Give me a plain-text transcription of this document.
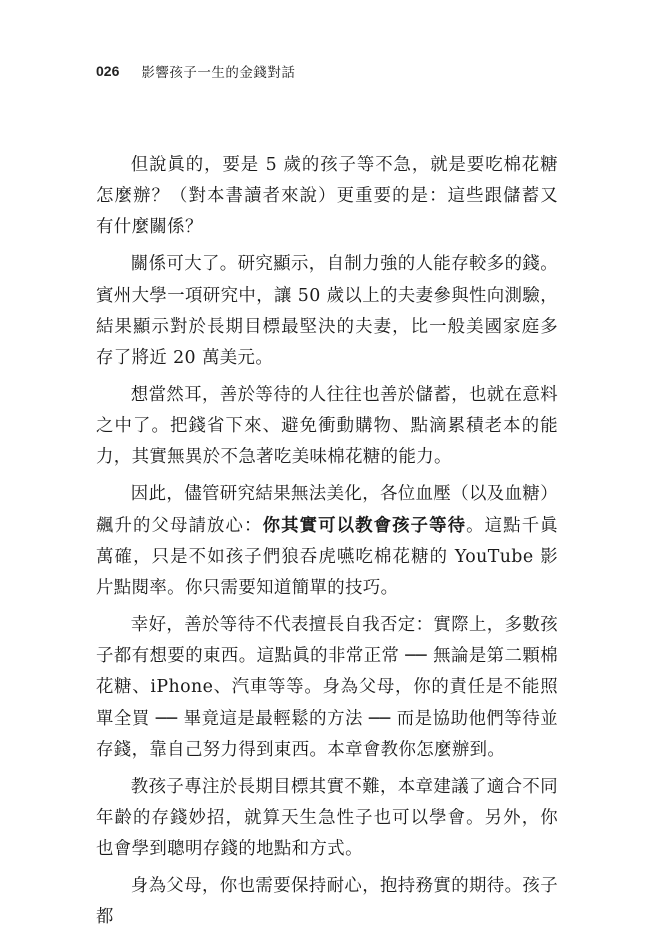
026 影響孩子一生的金錢對話

但說眞的，要是 5 歲的孩子等不急，就是要吃棉花糖怎麼辦？（對本書讀者來說）更重要的是：這些跟儲蓄又有什麼關係？

關係可大了。研究顯示，自制力強的人能存較多的錢。賓州大學一項研究中，讓 50 歲以上的夫妻參與性向測驗，結果顯示對於長期目標最堅決的夫妻，比一般美國家庭多存了將近 20 萬美元。

想當然耳，善於等待的人往往也善於儲蓄，也就在意料之中了。把錢省下來、避免衝動購物、點滴累積老本的能力，其實無異於不急著吃美味棉花糖的能力。

因此，儘管研究結果無法美化，各位血壓（以及血糖）飆升的父母請放心：你其實可以教會孩子等待。這點千眞萬確，只是不如孩子們狼吞虎嚥吃棉花糖的 YouTube 影片點閱率。你只需要知道簡單的技巧。

幸好，善於等待不代表擅長自我否定：實際上，多數孩子都有想要的東西。這點眞的非常正常 ── 無論是第二顆棉花糖、iPhone、汽車等等。身為父母，你的責任是不能照單全買 ── 畢竟這是最輕鬆的方法 ── 而是協助他們等待並存錢，靠自己努力得到東西。本章會教你怎麼辦到。

教孩子專注於長期目標其實不難，本章建議了適合不同年齡的存錢妙招，就算天生急性子也可以學會。另外，你也會學到聰明存錢的地點和方式。

身為父母，你也需要保持耐心，抱持務實的期待。孩子都
